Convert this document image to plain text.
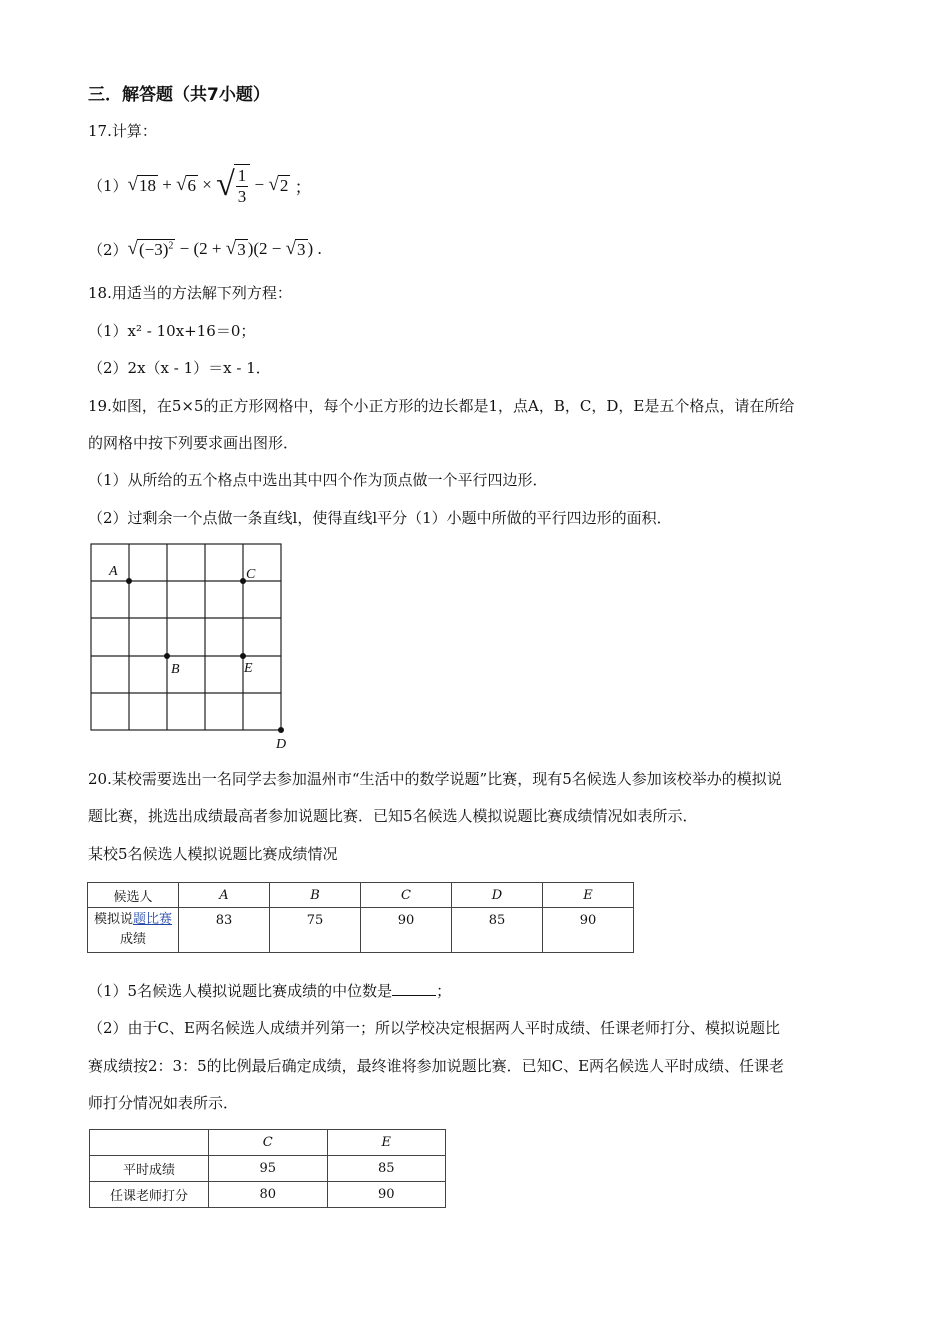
三．解答题（共7小题）
17.计算：
（1） √ 18 + √ 6 × √ $\frac{1}{3}$ − √ 2 ；
（2） √ $(-3)^2 - (2$ + √ 3 )(2 − √ 3 ) .
18.用适当的方法解下列方程：
（1）x² - 10x+16＝0；
（2）2x（x - 1）＝x - 1．
19.如图，在5×5的正方形网格中，每个小正方形的边长都是1，点A，B，C，D，E是五个格点，请在所给
的网格中按下列要求画出图形．
（1）从所给的五个格点中选出其中四个作为顶点做一个平行四边形．
（2）过剩余一个点做一条直线l，使得直线l平分（1）小题中所做的平行四边形的面积．
A	C
B	E
D
20.某校需要选出一名同学去参加温州市“生活中的数学说题”比赛，现有5名候选人参加该校举办的模拟说
题比赛，挑选出成绩最高者参加说题比赛．已知5名候选人模拟说题比赛成绩情况如表所示．
某校5名候选人模拟说题比赛成绩情况
候选人	A	B	C	D	E
模拟说题比赛
成绩	83	75	90	85	90
（1）5名候选人模拟说题比赛成绩的中位数是	；
（2）由于C、E两名候选人成绩并列第一；所以学校决定根据两人平时成绩、任课老师打分、模拟说题比
赛成绩按2：3：5的比例最后确定成绩，最终谁将参加说题比赛．已知C、E两名候选人平时成绩、任课老
师打分情况如表所示．
	C	E
平时成绩	95	85
任课老师打分	80	90
